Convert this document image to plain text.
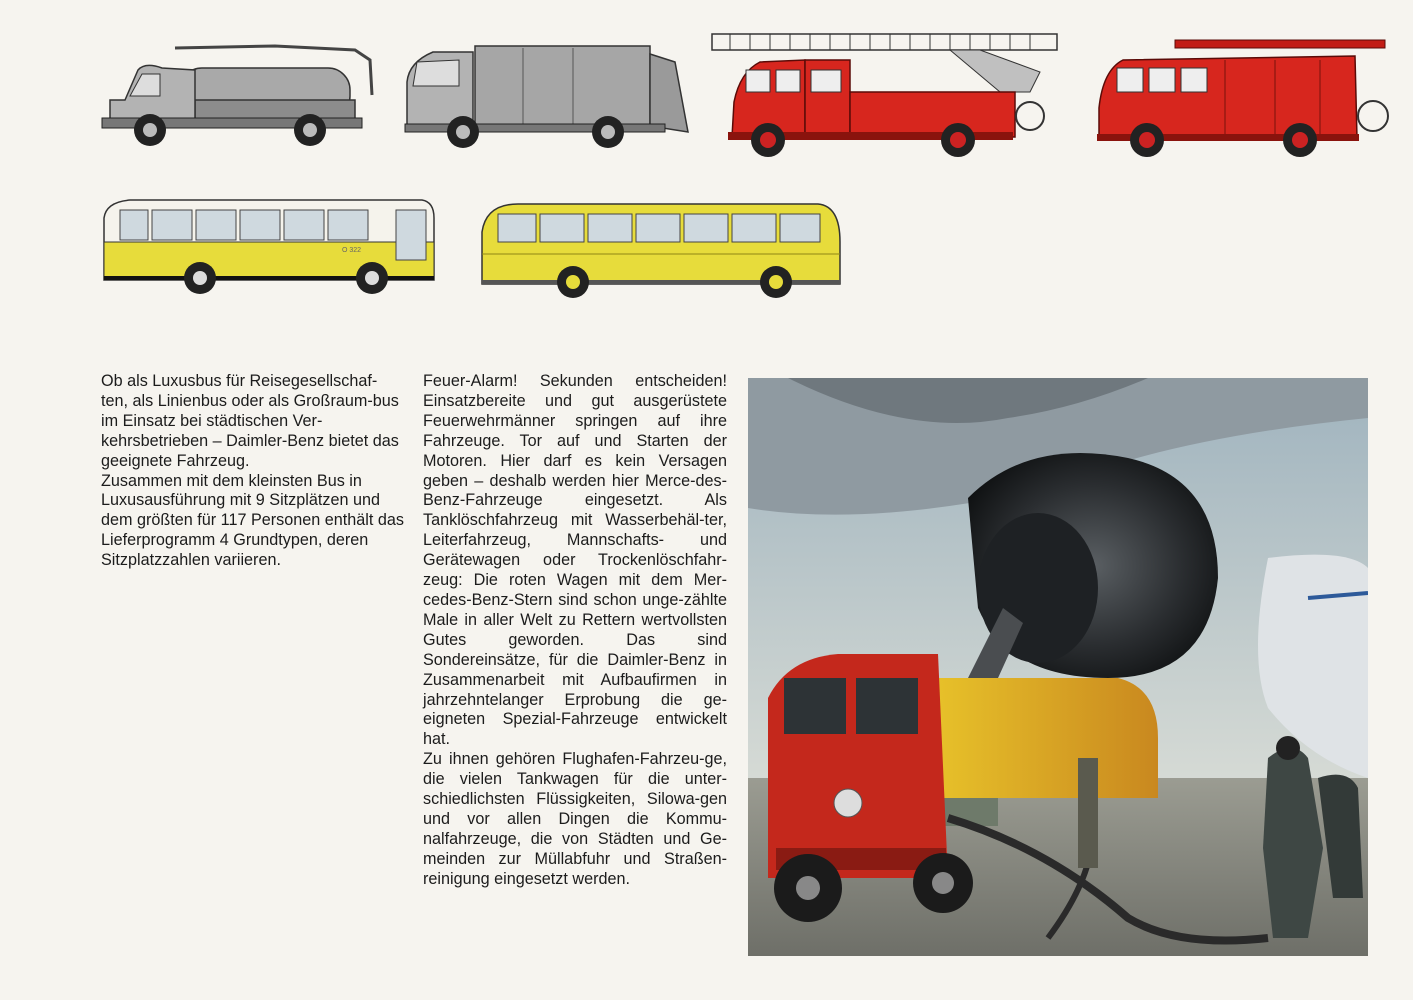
O 322

Ob als Luxusbus für Reisegesellschaf-ten, als Linienbus oder als Großraum-bus im Einsatz bei städtischen Ver-kehrsbetrieben – Daimler-Benz bietet das geeignete Fahrzeug.

Zusammen mit dem kleinsten Bus in Luxusausführung mit 9 Sitzplätzen und dem größten für 117 Personen enthält das Lieferprogramm 4 Grundtypen, deren Sitzplatzzahlen variieren.

Feuer-Alarm! Sekunden entscheiden! Einsatzbereite und gut ausgerüstete Feuerwehrmänner springen auf ihre Fahrzeuge. Tor auf und Starten der Motoren. Hier darf es kein Versagen geben – deshalb werden hier Merce-des-Benz-Fahrzeuge eingesetzt. Als Tanklöschfahrzeug mit Wasserbehäl-ter, Leiterfahrzeug, Mannschafts- und Gerätewagen oder Trockenlöschfahr-zeug: Die roten Wagen mit dem Mer-cedes-Benz-Stern sind schon unge-zählte Male in aller Welt zu Rettern wertvollsten Gutes geworden. Das sind Sondereinsätze, für die Daimler-Benz in Zusammenarbeit mit Aufbaufirmen in jahrzehntelanger Erprobung die ge-eigneten Spezial-Fahrzeuge entwickelt hat.

Zu ihnen gehören Flughafen-Fahrzeu-ge, die vielen Tankwagen für die unter-schiedlichsten Flüssigkeiten, Silowa-gen und vor allen Dingen die Kommu-nalfahrzeuge, die von Städten und Ge-meinden zur Müllabfuhr und Straßen-reinigung eingesetzt werden.
